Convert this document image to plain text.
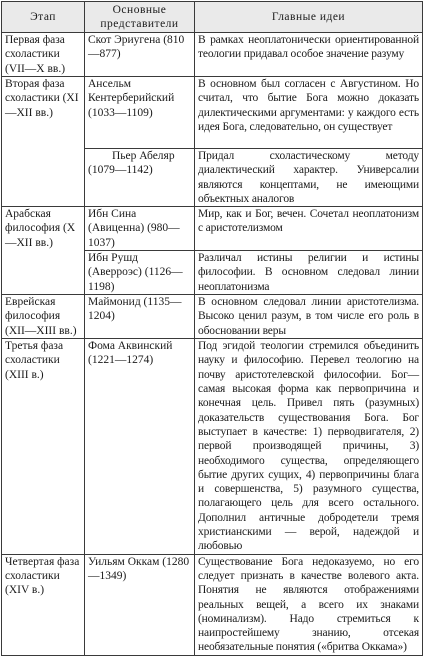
Этап	Основные представители	Главные идеи
Первая фаза схоластики (VII—X вв.)	Скот Эриугена (810—877)	В рамках неоплатонически ориентированной теологии придавал особое значение разуму
Вторая фаза схоластики (XI—XII вв.)	Ансельм Кентерберийский (1033—1109)	В основном был согласен с Августином. Но считал, что бытие Бога можно доказать дилектическими аргументами: у каждого есть идея Бога, следовательно, он существует
	Пьер Абеляр (1079—1142)	Придал схоластическому методу диалектический характер. Универсалии являются концептами, не имеющими объектных аналогов
Арабская философия (X—XII вв.)	Ибн Сина (Авиценна) (980—1037)	Мир, как и Бог, вечен. Сочетал неоплатонизм с аристотелизмом
	Ибн Рушд (Аверроэс) (1126—1198)	Различал истины религии и истины философии. В основном следовал линии неоплатонизма
Еврейская философия (XII—XIII вв.)	Маймонид (1135—1204)	В основном следовал линии аристотелизма. Высоко ценил разум, в том числе его роль в обосновании веры
Третья фаза схоластики (XIII в.)	Фома Аквинский (1221—1274)	Под эгидой теологии стремился объединить науку и философию. Перевел теологию на почву аристотелевской философии. Бог— самая высокая форма как первопричина и конечная цель. Привел пять (разумных) доказательств существования Бога. Бог выступает в качестве: 1) перводвигателя, 2) первой производящей причины, 3) необходимого существа, определяющего бытие других сущих, 4) первопричины блага и совершенства, 5) разумного существа, полагающего цель для всего остального. Дополнил античные добродетели тремя христианскими — верой, надеждой и любовью
Четвертая фаза схоластики (XIV в.)	Уильям Оккам (1280—1349)	Существование Бога недоказуемо, но его следует признать в качестве волевого акта. Понятия не являются отображениями реальных вещей, а всего их знаками (номинализм). Надо стремиться к наипростейшему знанию, отсекая необязательные понятия («бритва Оккама»)
